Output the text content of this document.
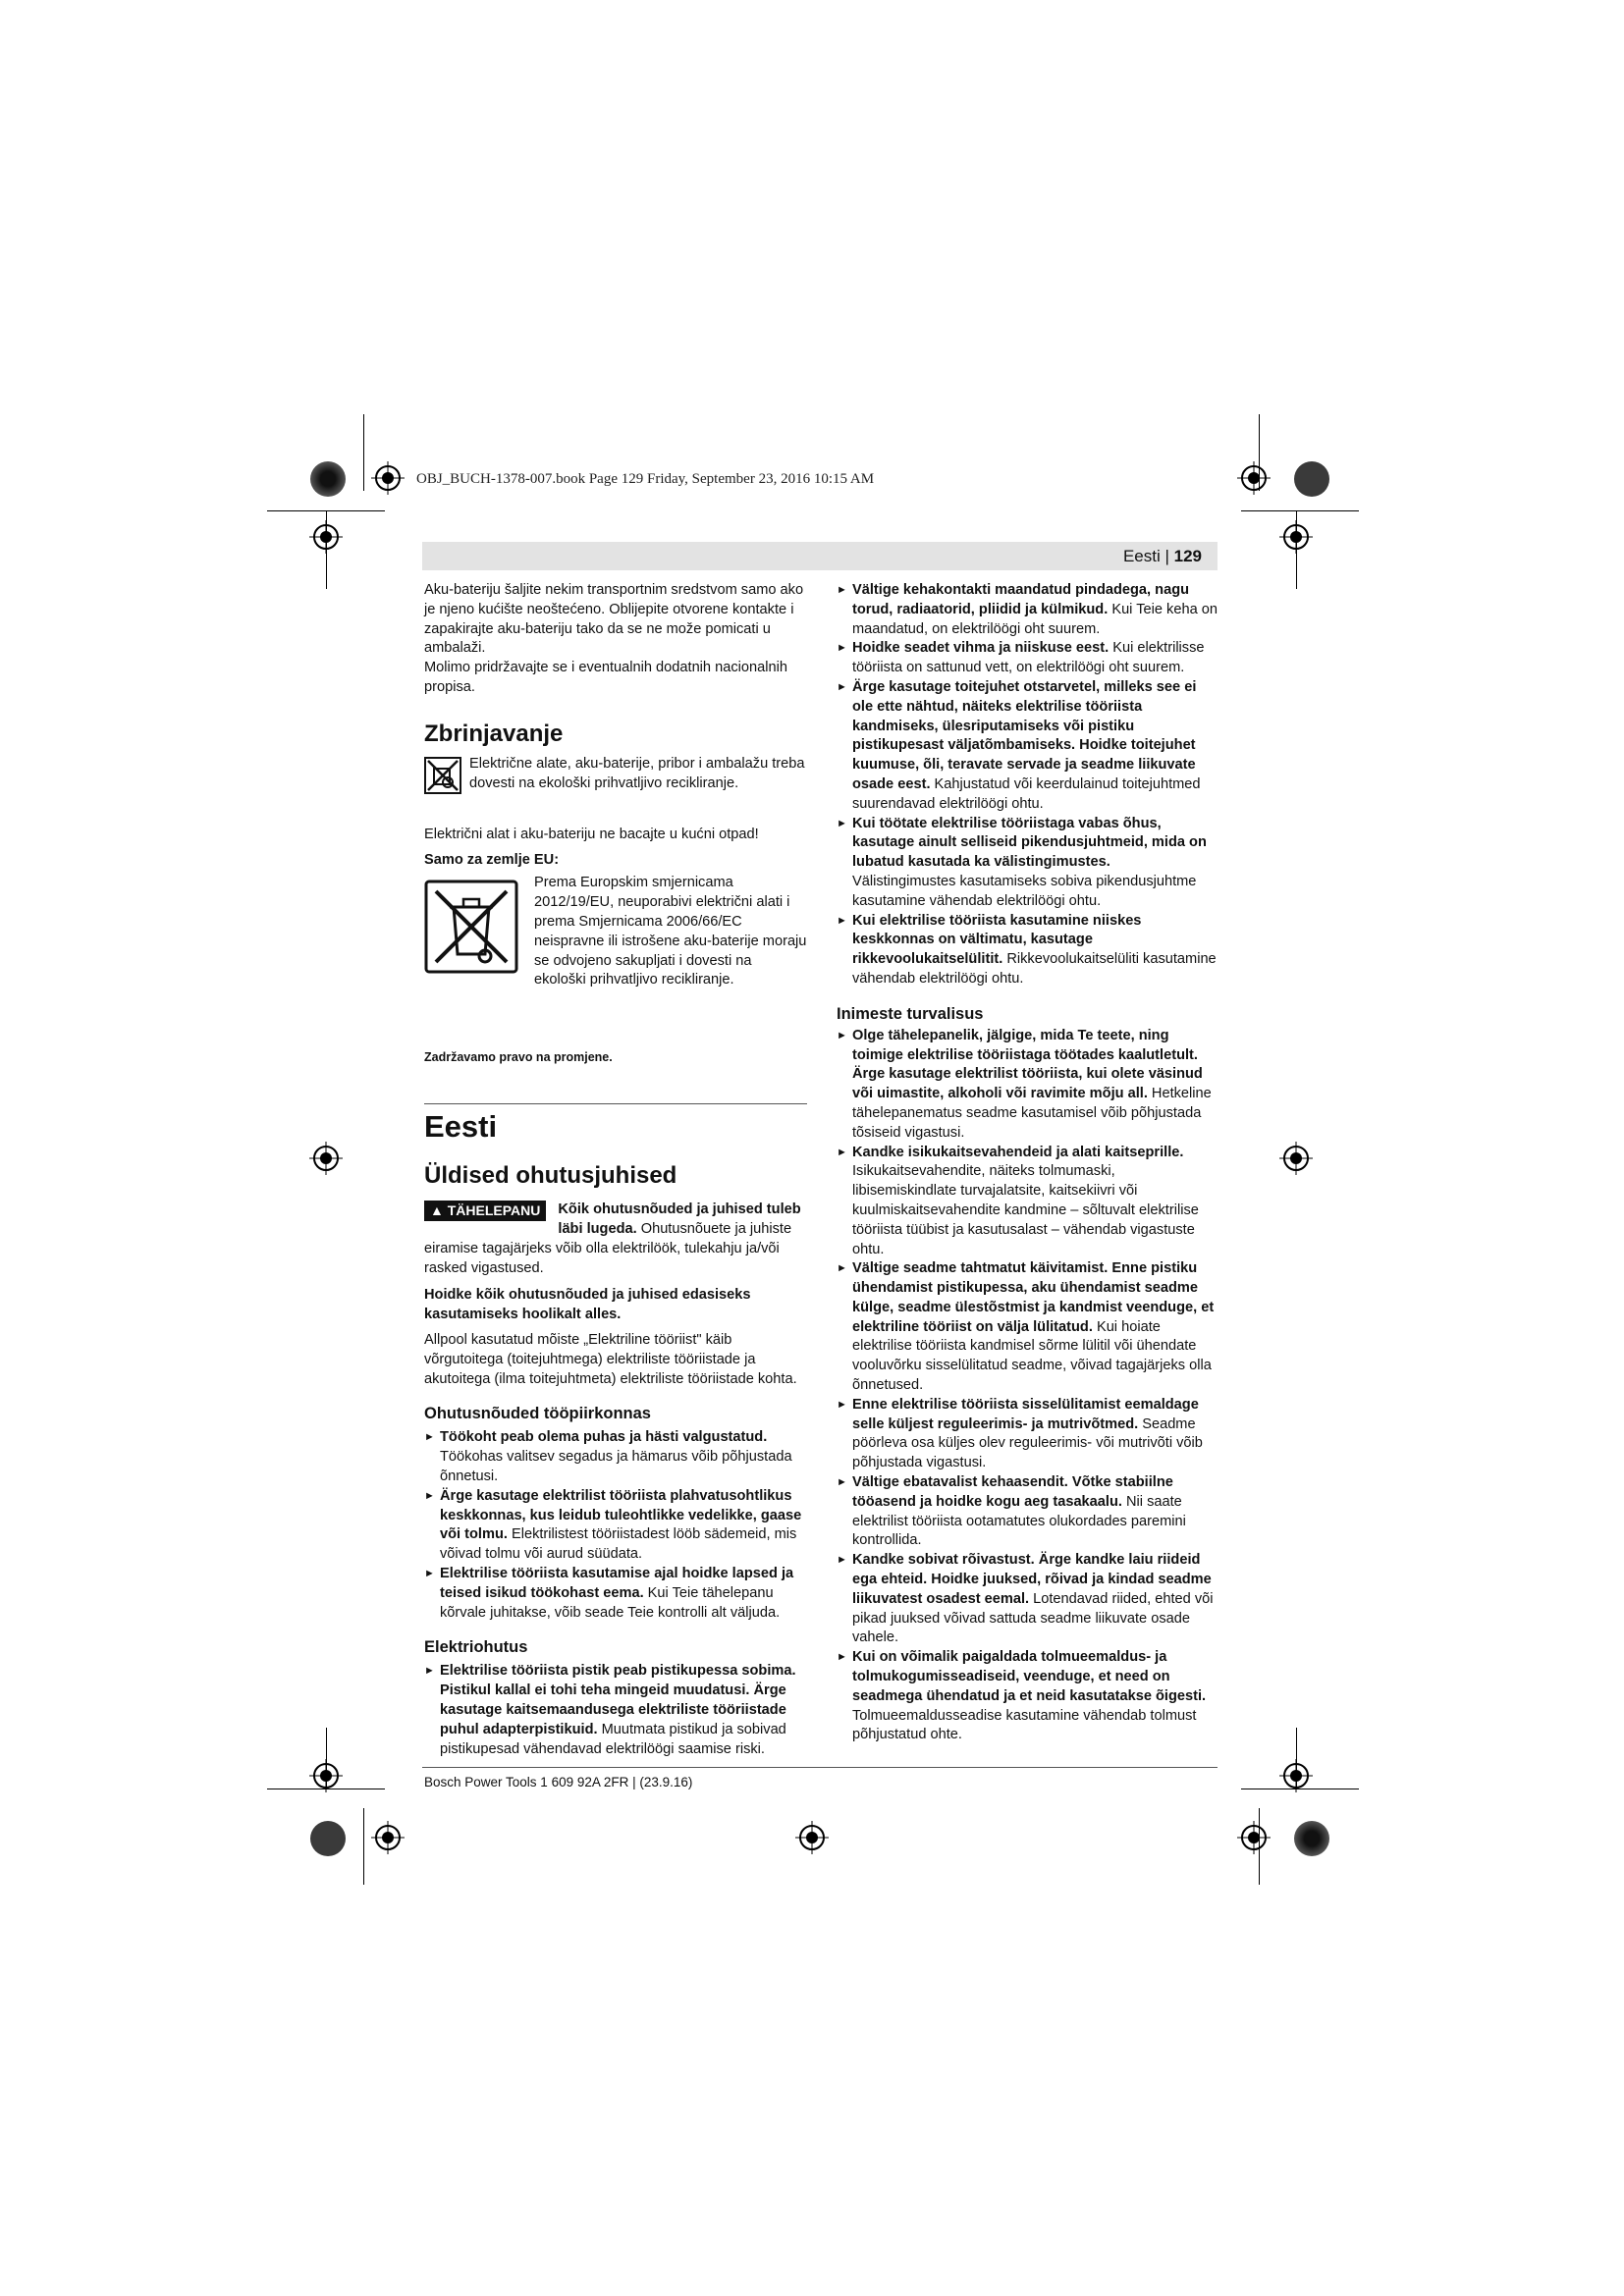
OBJ_BUCH-1378-007.book Page 129 Friday, September 23, 2016 10:15 AM
Eesti | 129

Aku-bateriju šaljite nekim transportnim sredstvom samo ako je njeno kućište neoštećeno. Oblijepite otvorene kontakte i zapakirajte aku-bateriju tako da se ne može pomicati u ambalaži.

Molimo pridržavajte se i eventualnih dodatnih nacionalnih propisa.

Zbrinjavanje

Električne alate, aku-baterije, pribor i ambalažu treba dovesti na ekološki prihvatljivo recikliranje.

Električni alat i aku-bateriju ne bacajte u kućni otpad!

Samo za zemlje EU:

Prema Europskim smjernicama 2012/19/EU, neuporabivi električni alati i prema Smjernicama 2006/66/EC neispravne ili istrošene aku-baterije moraju se odvojeno sakupljati i dovesti na ekološki prihvatljivo recikliranje.

Zadržavamo pravo na promjene.

Eesti
Üldised ohutusjuhised

▲ TÄHELEPANU	Kõik ohutusnõuded ja juhised tuleb läbi lugeda. Ohutusnõuete ja juhiste eiramise tagajärjeks võib olla elektrilöök, tulekahju ja/või rasked vigastused.

Hoidke kõik ohutusnõuded ja juhised edasiseks kasutamiseks hoolikalt alles.

Allpool kasutatud mõiste „Elektriline tööriist" käib võrgutoitega (toitejuhtmega) elektriliste tööriistade ja akutoitega (ilma toitejuhtmeta) elektriliste tööriistade kohta.

Ohutusnõuded tööpiirkonnas

► Töökoht peab olema puhas ja hästi valgustatud. Töökohas valitsev segadus ja hämarus võib põhjustada õnnetusi.

► Ärge kasutage elektrilist tööriista plahvatusohtlikus keskkonnas, kus leidub tuleohtlikke vedelikke, gaase või tolmu. Elektrilistest tööriistadest lööb sädemeid, mis võivad tolmu või aurud süüdata.

► Elektrilise tööriista kasutamise ajal hoidke lapsed ja teised isikud töökohast eema. Kui Teie tähelepanu kõrvale juhitakse, võib seade Teie kontrolli alt väljuda.

Elektriohutus

► Elektrilise tööriista pistik peab pistikupessa sobima. Pistikul kallal ei tohi teha mingeid muudatusi. Ärge kasutage kaitsemaandusega elektriliste tööriistade puhul adapterpistikuid. Muutmata pistikud ja sobivad pistikupesad vähendavad elektrilöögi saamise riski.

► Vältige kehakontakti maandatud pindadega, nagu torud, radiaatorid, pliidid ja külmikud. Kui Teie keha on maandatud, on elektrilöögi oht suurem.

► Hoidke seadet vihma ja niiskuse eest. Kui elektrilisse tööriista on sattunud vett, on elektrilöögi oht suurem.

► Ärge kasutage toitejuhet otstarvetel, milleks see ei ole ette nähtud, näiteks elektrilise tööriista kandmiseks, ülesriputamiseks või pistiku pistikupesast väljatõmbamiseks. Hoidke toitejuhet kuumuse, õli, teravate servade ja seadme liikuvate osade eest. Kahjustatud või keerdulainud toitejuhtmed suurendavad elektrilöögi ohtu.

► Kui töötate elektrilise tööriistaga vabas õhus, kasutage ainult selliseid pikendusjuhtmeid, mida on lubatud kasutada ka välistingimustes. Välistingimustes kasutamiseks sobiva pikendusjuhtme kasutamine vähendab elektrilöögi ohtu.

► Kui elektrilise tööriista kasutamine niiskes keskkonnas on vältimatu, kasutage rikkevoolukaitselülitit. Rikkevoolukaitselüliti kasutamine vähendab elektrilöögi ohtu.

Inimeste turvalisus

► Olge tähelepanelik, jälgige, mida Te teete, ning toimige elektrilise tööriistaga töötades kaalutletult. Ärge kasutage elektrilist tööriista, kui olete väsinud või uimastite, alkoholi või ravimite mõju all. Hetkeline tähelepanematus seadme kasutamisel võib põhjustada tõsiseid vigastusi.

► Kandke isikukaitsevahendeid ja alati kaitseprille. Isikukaitsevahendite, näiteks tolmumaski, libisemiskindlate turvajalatsite, kaitsekiivri või kuulmiskaitsevahendite kandmine – sõltuvalt elektrilise tööriista tüübist ja kasutusalast – vähendab vigastuste ohtu.

► Vältige seadme tahtmatut käivitamist. Enne pistiku ühendamist pistikupessa, aku ühendamist seadme külge, seadme ülestõstmist ja kandmist veenduge, et elektriline tööriist on välja lülitatud. Kui hoiate elektrilise tööriista kandmisel sõrme lülitil või ühendate vooluvõrku sisselülitatud seadme, võivad tagajärjeks olla õnnetused.

► Enne elektrilise tööriista sisselülitamist eemaldage selle küljest reguleerimis- ja mutrivõtmed. Seadme pöörleva osa küljes olev reguleerimis- või mutrivõti võib põhjustada vigastusi.

► Vältige ebatavalist kehaasendit. Võtke stabiilne tööasend ja hoidke kogu aeg tasakaalu. Nii saate elektrilist tööriista ootamatutes olukordades paremini kontrollida.

► Kandke sobivat rõivastust. Ärge kandke laiu riideid ega ehteid. Hoidke juuksed, rõivad ja kindad seadme liikuvatest osadest eemal. Lotendavad riided, ehted või pikad juuksed võivad sattuda seadme liikuvate osade vahele.

► Kui on võimalik paigaldada tolmueemaldus- ja tolmukogumisseadiseid, veenduge, et need on seadmega ühendatud ja et neid kasutatakse õigesti. Tolmueemaldusseadise kasutamine vähendab tolmust põhjustatud ohte.

Bosch Power Tools 1 609 92A 2FR | (23.9.16)
